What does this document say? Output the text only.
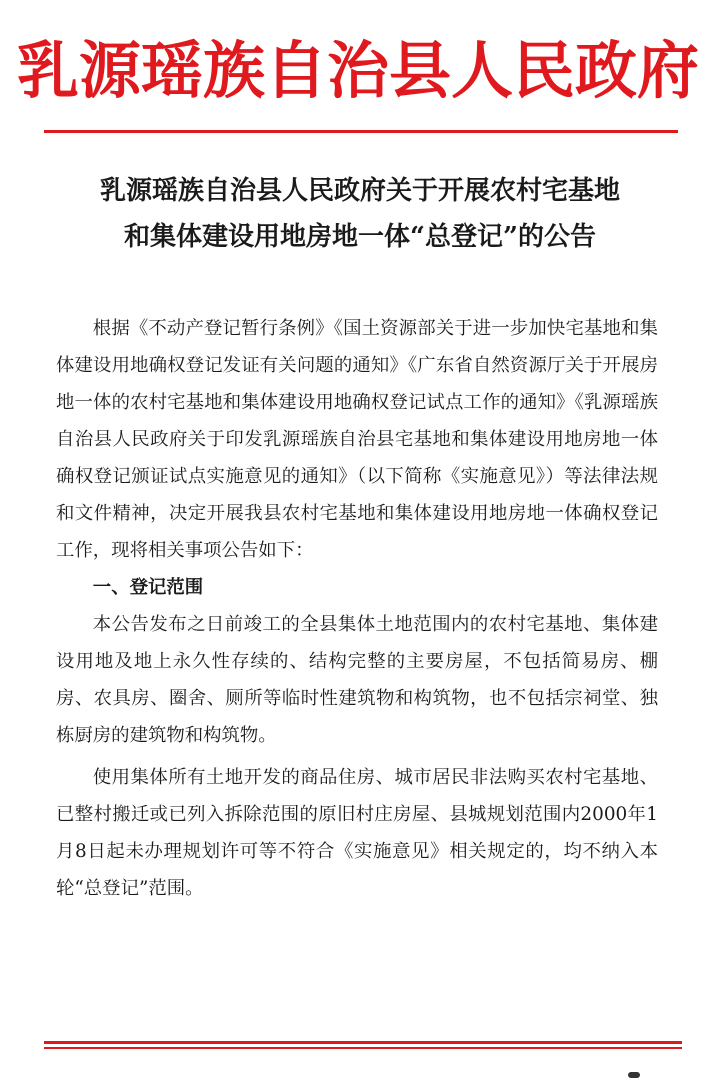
乳源瑶族自治县人民政府
乳源瑶族自治县人民政府关于开展农村宅基地
和集体建设用地房地一体“总登记”的公告

根据《不动产登记暂行条例》《国土资源部关于进一步加快宅基地和集体建设用地确权登记发证有关问题的通知》《广东省自然资源厅关于开展房地一体的农村宅基地和集体建设用地确权登记试点工作的通知》《乳源瑶族自治县人民政府关于印发乳源瑶族自治县宅基地和集体建设用地房地一体确权登记颁证试点实施意见的通知》（以下简称《实施意见》）等法律法规和文件精神，决定开展我县农村宅基地和集体建设用地房地一体确权登记工作，现将相关事项公告如下：

一、登记范围

本公告发布之日前竣工的全县集体土地范围内的农村宅基地、集体建设用地及地上永久性存续的、结构完整的主要房屋，不包括简易房、棚房、农具房、圈舍、厕所等临时性建筑物和构筑物，也不包括宗祠堂、独栋厨房的建筑物和构筑物。

使用集体所有土地开发的商品住房、城市居民非法购买农村宅基地、已整村搬迁或已列入拆除范围的原旧村庄房屋、县城规划范围内2000年1月8日起未办理规划许可等不符合《实施意见》相关规定的，均不纳入本轮“总登记”范围。
